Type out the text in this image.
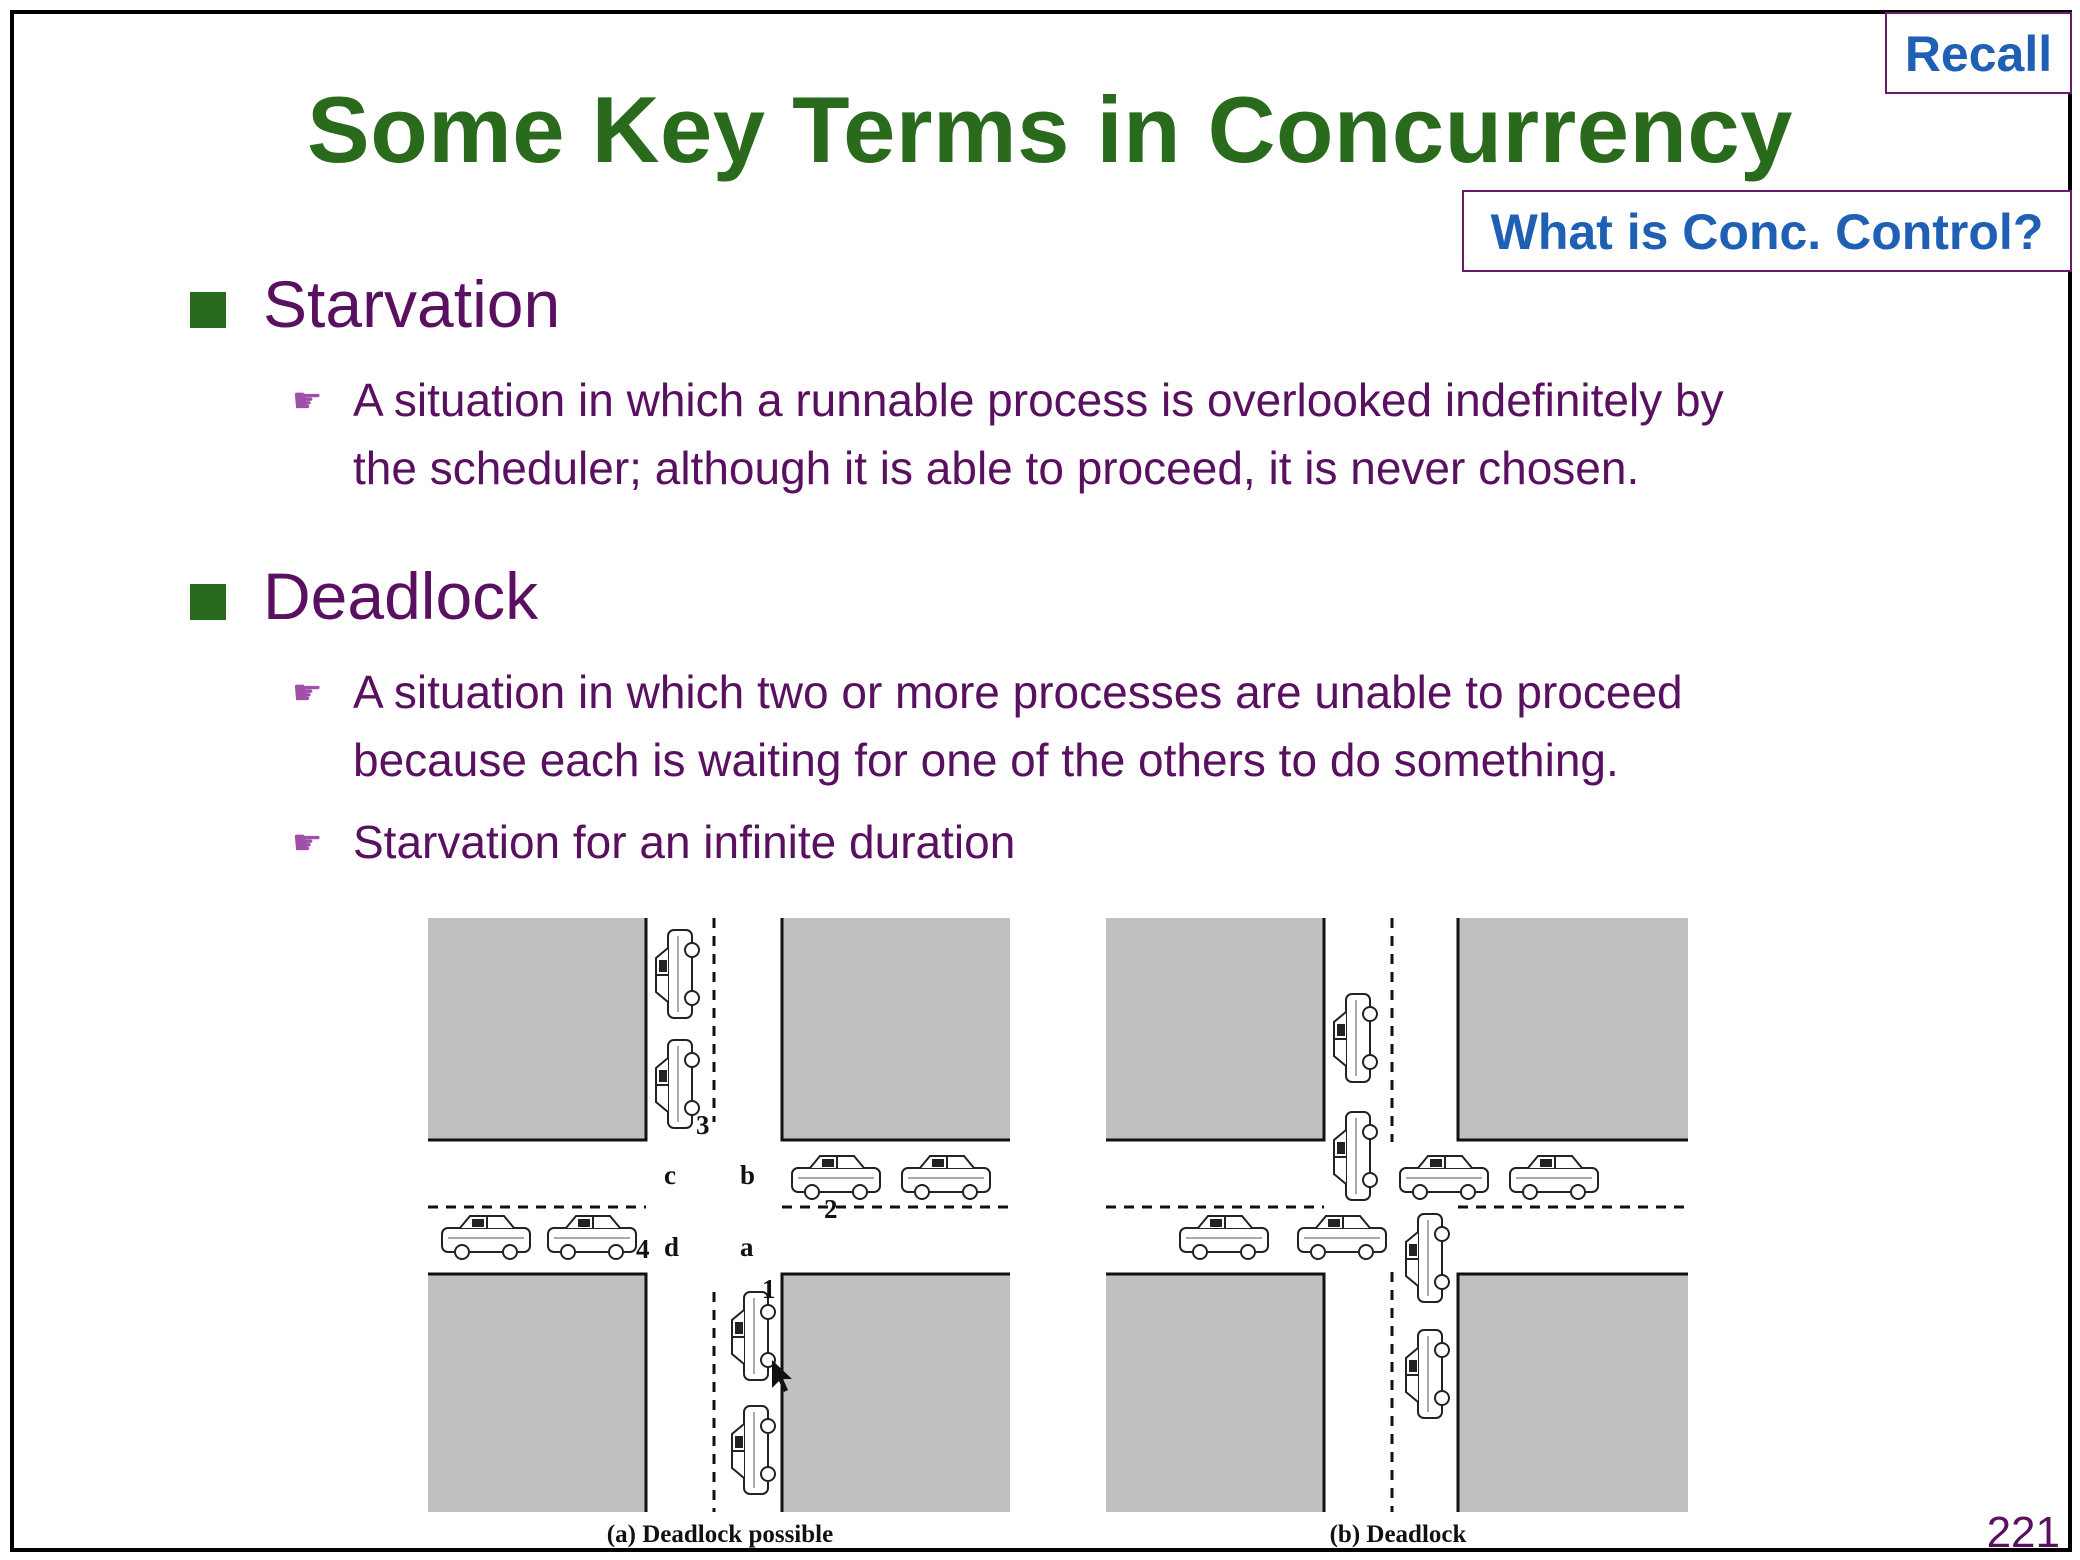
Some Key Terms in Concurrency
Recall
What is Conc. Control?
Starvation
☛ A situation in which a runnable process is overlooked indefinitely by
the scheduler; although it is able to proceed, it is never chosen.
Deadlock
☛ A situation in which two or more processes are unable to proceed
because each is waiting for one of the others to do something.
☛ Starvation for an infinite duration
c b
d a
1
2
3
4
(a) Deadlock possible	(b) Deadlock	221
